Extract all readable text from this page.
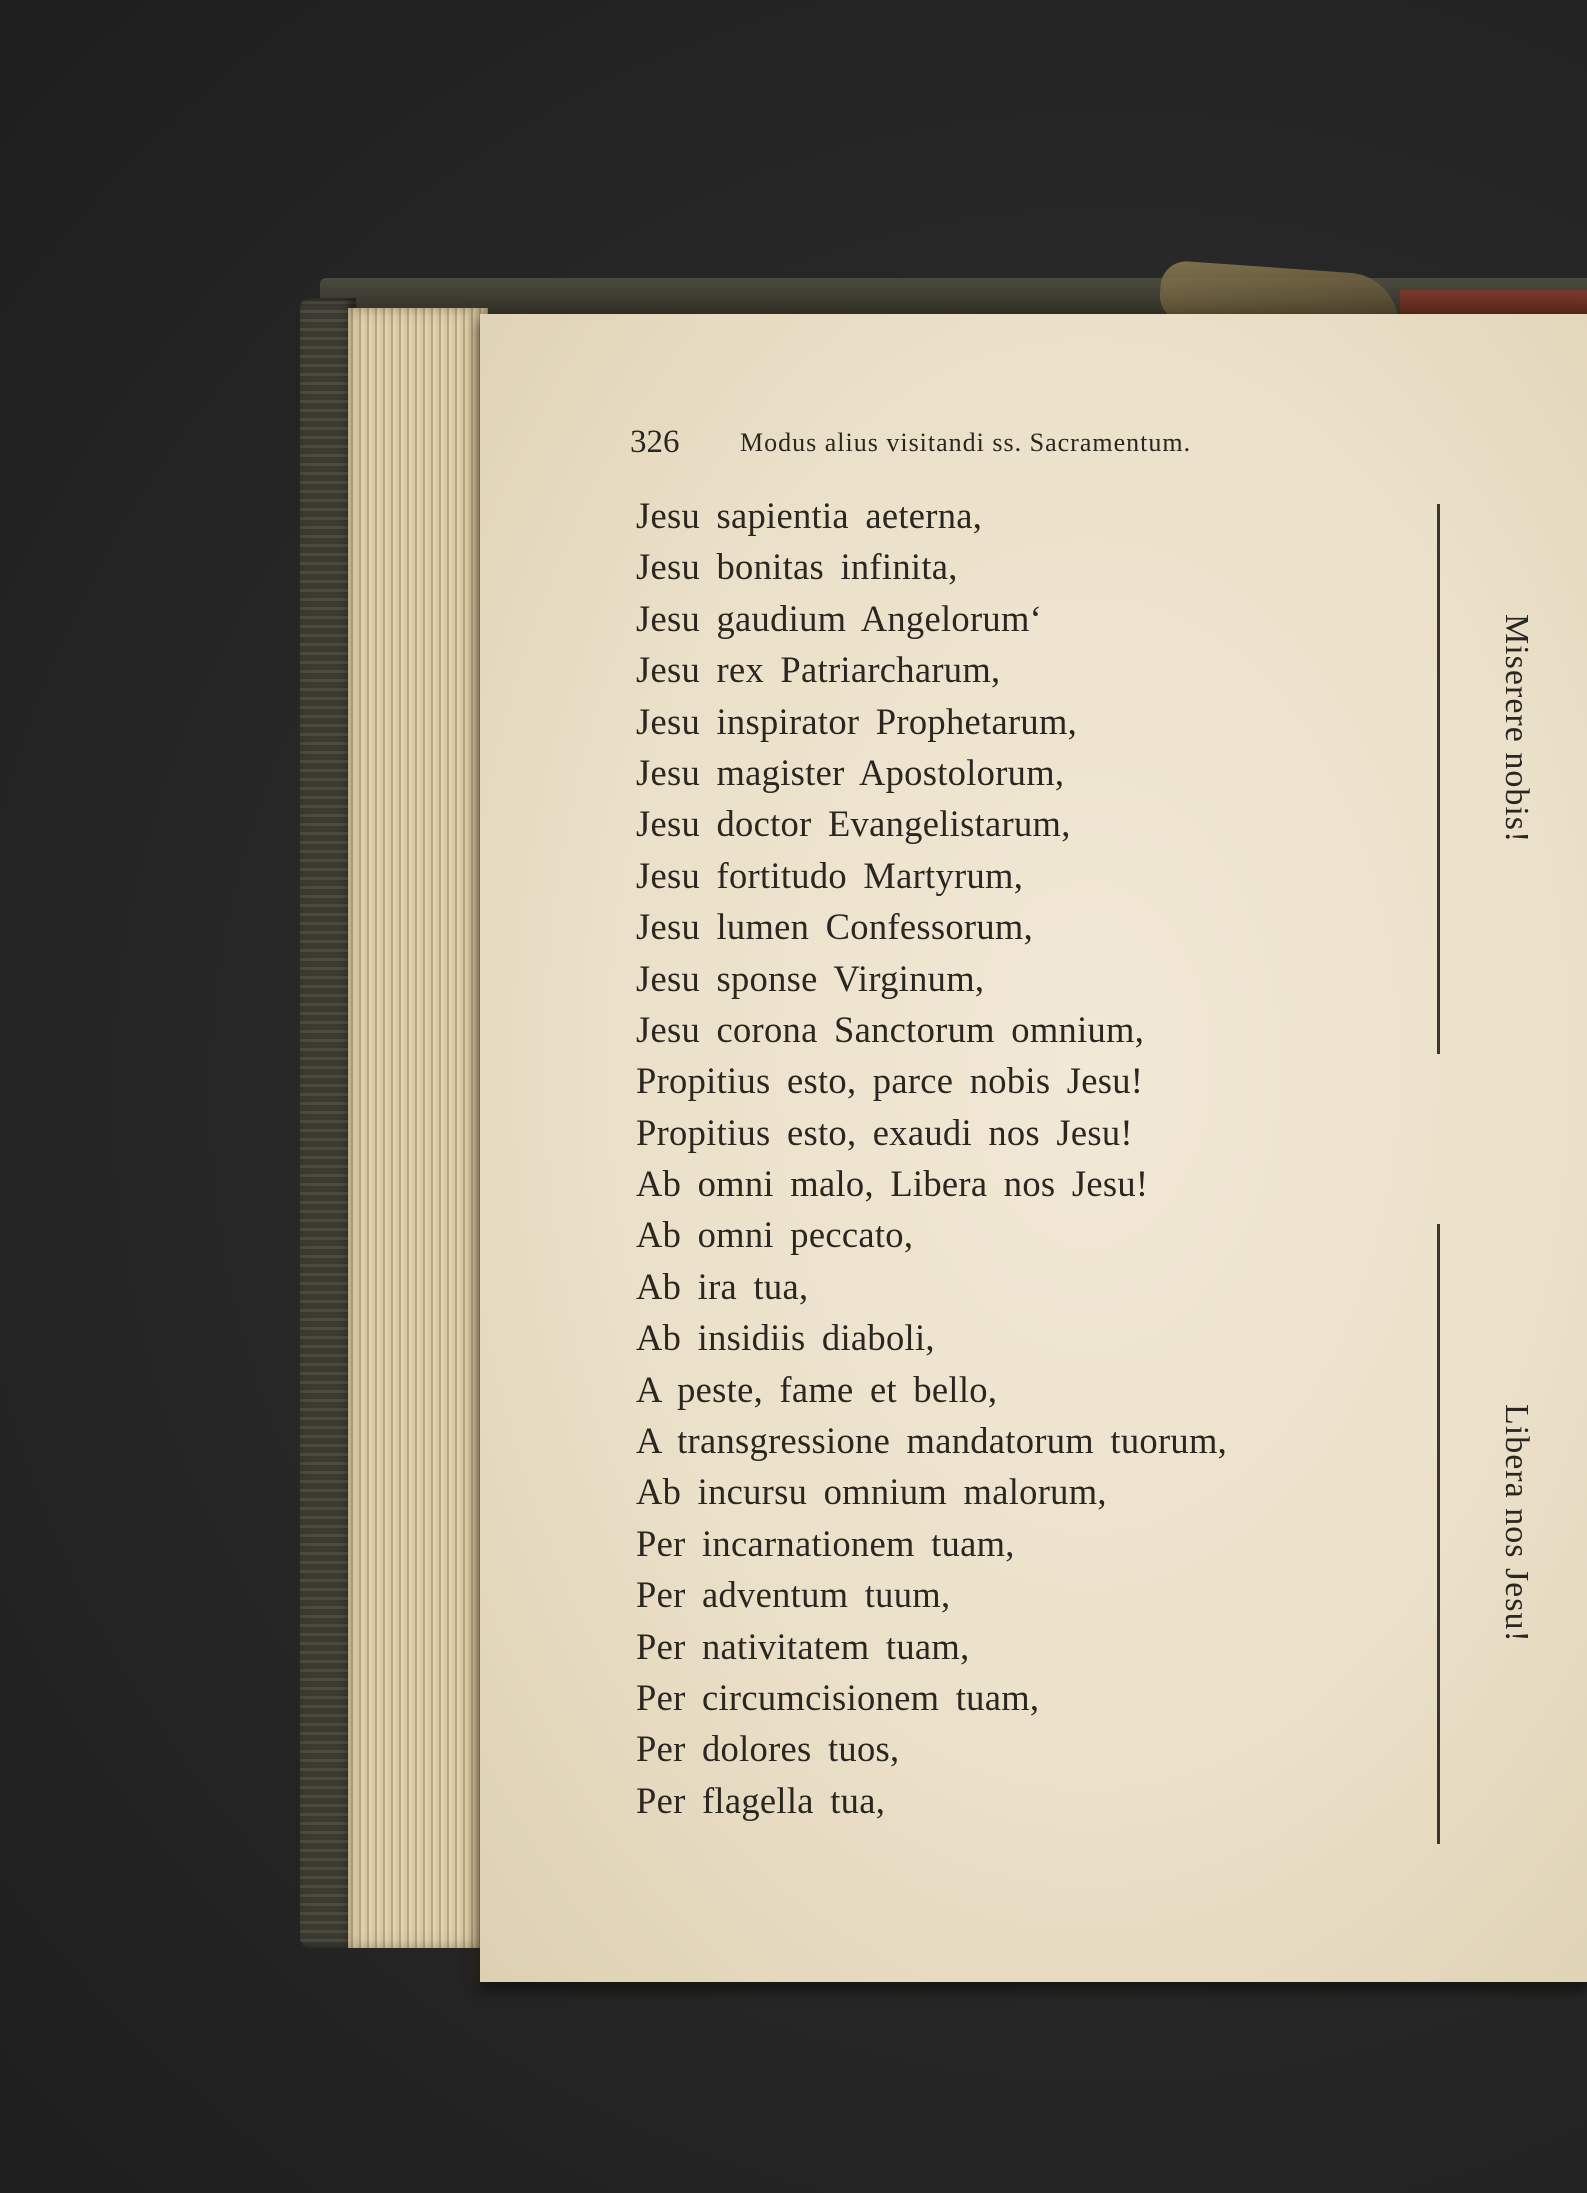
326 Modus alius visitandi ss. Sacramentum.
Jesu sapientia aeterna,
Jesu bonitas infinita,
Jesu gaudium Angelorum‘
Jesu rex Patriarcharum,
Jesu inspirator Prophetarum,
Jesu magister Apostolorum,
Jesu doctor Evangelistarum,
Jesu fortitudo Martyrum,
Jesu lumen Confessorum,
Jesu sponse Virginum,
Jesu corona Sanctorum omnium,
Propitius esto, parce nobis Jesu!
Propitius esto, exaudi nos Jesu!
Ab omni malo, Libera nos Jesu!
Ab omni peccato,
Ab ira tua,
Ab insidiis diaboli,
A peste, fame et bello,
A transgressione mandatorum tuorum,
Ab incursu omnium malorum,
Per incarnationem tuam,
Per adventum tuum,
Per nativitatem tuam,
Per circumcisionem tuam,
Per dolores tuos,
Per flagella tua,
Miserere nobis!
Libera nos Jesu!
